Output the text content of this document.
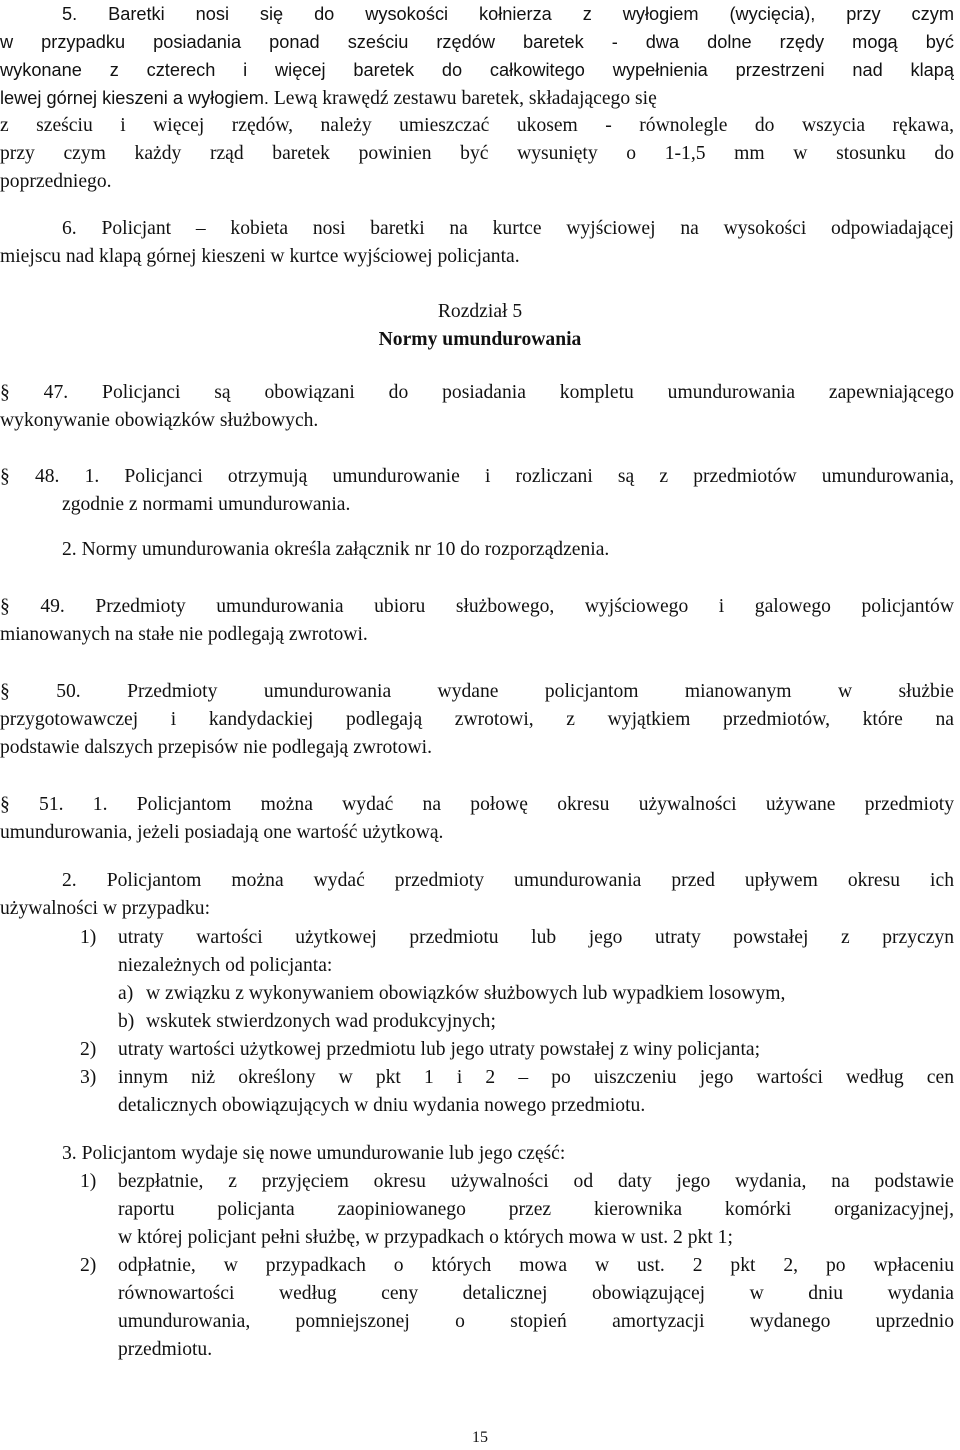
5. Baretki nosi się do wysokości kołnierza z wyłogiem (wycięcia), przy czym
w przypadku posiadania ponad sześciu rzędów baretek - dwa dolne rzędy mogą być
wykonane z czterech i więcej baretek do całkowitego wypełnienia przestrzeni nad klapą
lewej górnej kieszeni a wyłogiem. Lewą krawędź zestawu baretek, składającego się
z sześciu i więcej rzędów, należy umieszczać ukosem - równolegle do wszycia rękawa,
przy czym każdy rząd baretek powinien być wysunięty o 1-1,5 mm w stosunku do
poprzedniego.
6. Policjant – kobieta nosi baretki na kurtce wyjściowej na wysokości odpowiadającej
miejscu nad klapą górnej kieszeni w kurtce wyjściowej policjanta.
Rozdział 5
Normy umundurowania
§ 47. Policjanci są obowiązani do posiadania kompletu umundurowania zapewniającego
wykonywanie obowiązków służbowych.
§ 48. 1. Policjanci otrzymują umundurowanie i rozliczani są z przedmiotów umundurowania,
zgodnie z normami umundurowania.
2. Normy umundurowania określa załącznik nr 10 do rozporządzenia.
§ 49. Przedmioty umundurowania ubioru służbowego, wyjściowego i galowego policjantów
mianowanych na stałe nie podlegają zwrotowi.
§ 50. Przedmioty umundurowania wydane policjantom mianowanym w służbie
przygotowawczej i kandydackiej podlegają zwrotowi, z wyjątkiem przedmiotów, które na
podstawie dalszych przepisów nie podlegają zwrotowi.
§ 51. 1. Policjantom można wydać na połowę okresu używalności używane przedmioty
umundurowania, jeżeli posiadają one wartość użytkową.
2. Policjantom można wydać przedmioty umundurowania przed upływem okresu ich
używalności w przypadku:
1) utraty wartości użytkowej przedmiotu lub jego utraty powstałej z przyczyn
niezależnych od policjanta:
a) w związku z wykonywaniem obowiązków służbowych lub wypadkiem losowym,
b) wskutek stwierdzonych wad produkcyjnych;
2) utraty wartości użytkowej przedmiotu lub jego utraty powstałej z winy policjanta;
3) innym niż określony w pkt 1 i 2 – po uiszczeniu jego wartości według cen
detalicznych obowiązujących w dniu wydania nowego przedmiotu.
3. Policjantom wydaje się nowe umundurowanie lub jego część:
1) bezpłatnie, z przyjęciem okresu używalności od daty jego wydania, na podstawie
raportu policjanta zaopiniowanego przez kierownika komórki organizacyjnej,
w której policjant pełni służbę, w przypadkach o których mowa w ust. 2 pkt 1;
2) odpłatnie, w przypadkach o których mowa w ust. 2 pkt 2, po wpłaceniu
równowartości według ceny detalicznej obowiązującej w dniu wydania
umundurowania, pomniejszonej o stopień amortyzacji wydanego uprzednio
przedmiotu.
15
